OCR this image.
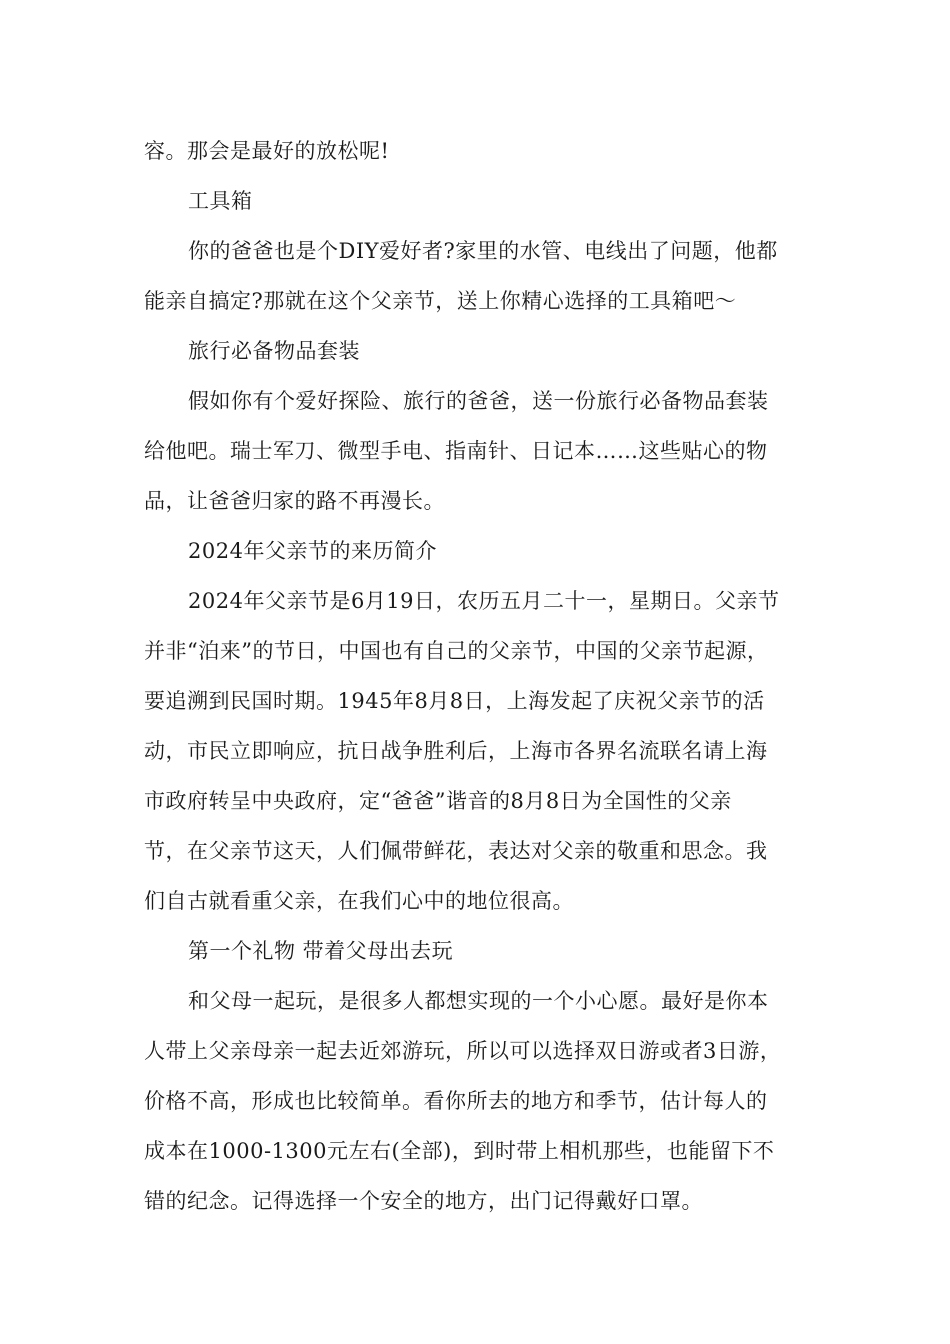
容。那会是最好的放松呢!
工具箱
你的爸爸也是个DIY爱好者?家里的水管、电线出了问题，他都
能亲自搞定?那就在这个父亲节，送上你精心选择的工具箱吧～
旅行必备物品套装
假如你有个爱好探险、旅行的爸爸，送一份旅行必备物品套装
给他吧。瑞士军刀、微型手电、指南针、日记本……这些贴心的物
品，让爸爸归家的路不再漫长。
2024年父亲节的来历简介
2024年父亲节是6月19日，农历五月二十一，星期日。父亲节
并非“泊来”的节日，中国也有自己的父亲节，中国的父亲节起源，
要追溯到民国时期。1945年8月8日，上海发起了庆祝父亲节的活
动，市民立即响应，抗日战争胜利后，上海市各界名流联名请上海
市政府转呈中央政府，定“爸爸”谐音的8月8日为全国性的父亲
节，在父亲节这天，人们佩带鲜花，表达对父亲的敬重和思念。我
们自古就看重父亲，在我们心中的地位很高。
第一个礼物 带着父母出去玩
和父母一起玩，是很多人都想实现的一个小心愿。最好是你本
人带上父亲母亲一起去近郊游玩，所以可以选择双日游或者3日游，
价格不高，形成也比较简单。看你所去的地方和季节，估计每人的
成本在1000-1300元左右(全部)，到时带上相机那些，也能留下不
错的纪念。记得选择一个安全的地方，出门记得戴好口罩。
